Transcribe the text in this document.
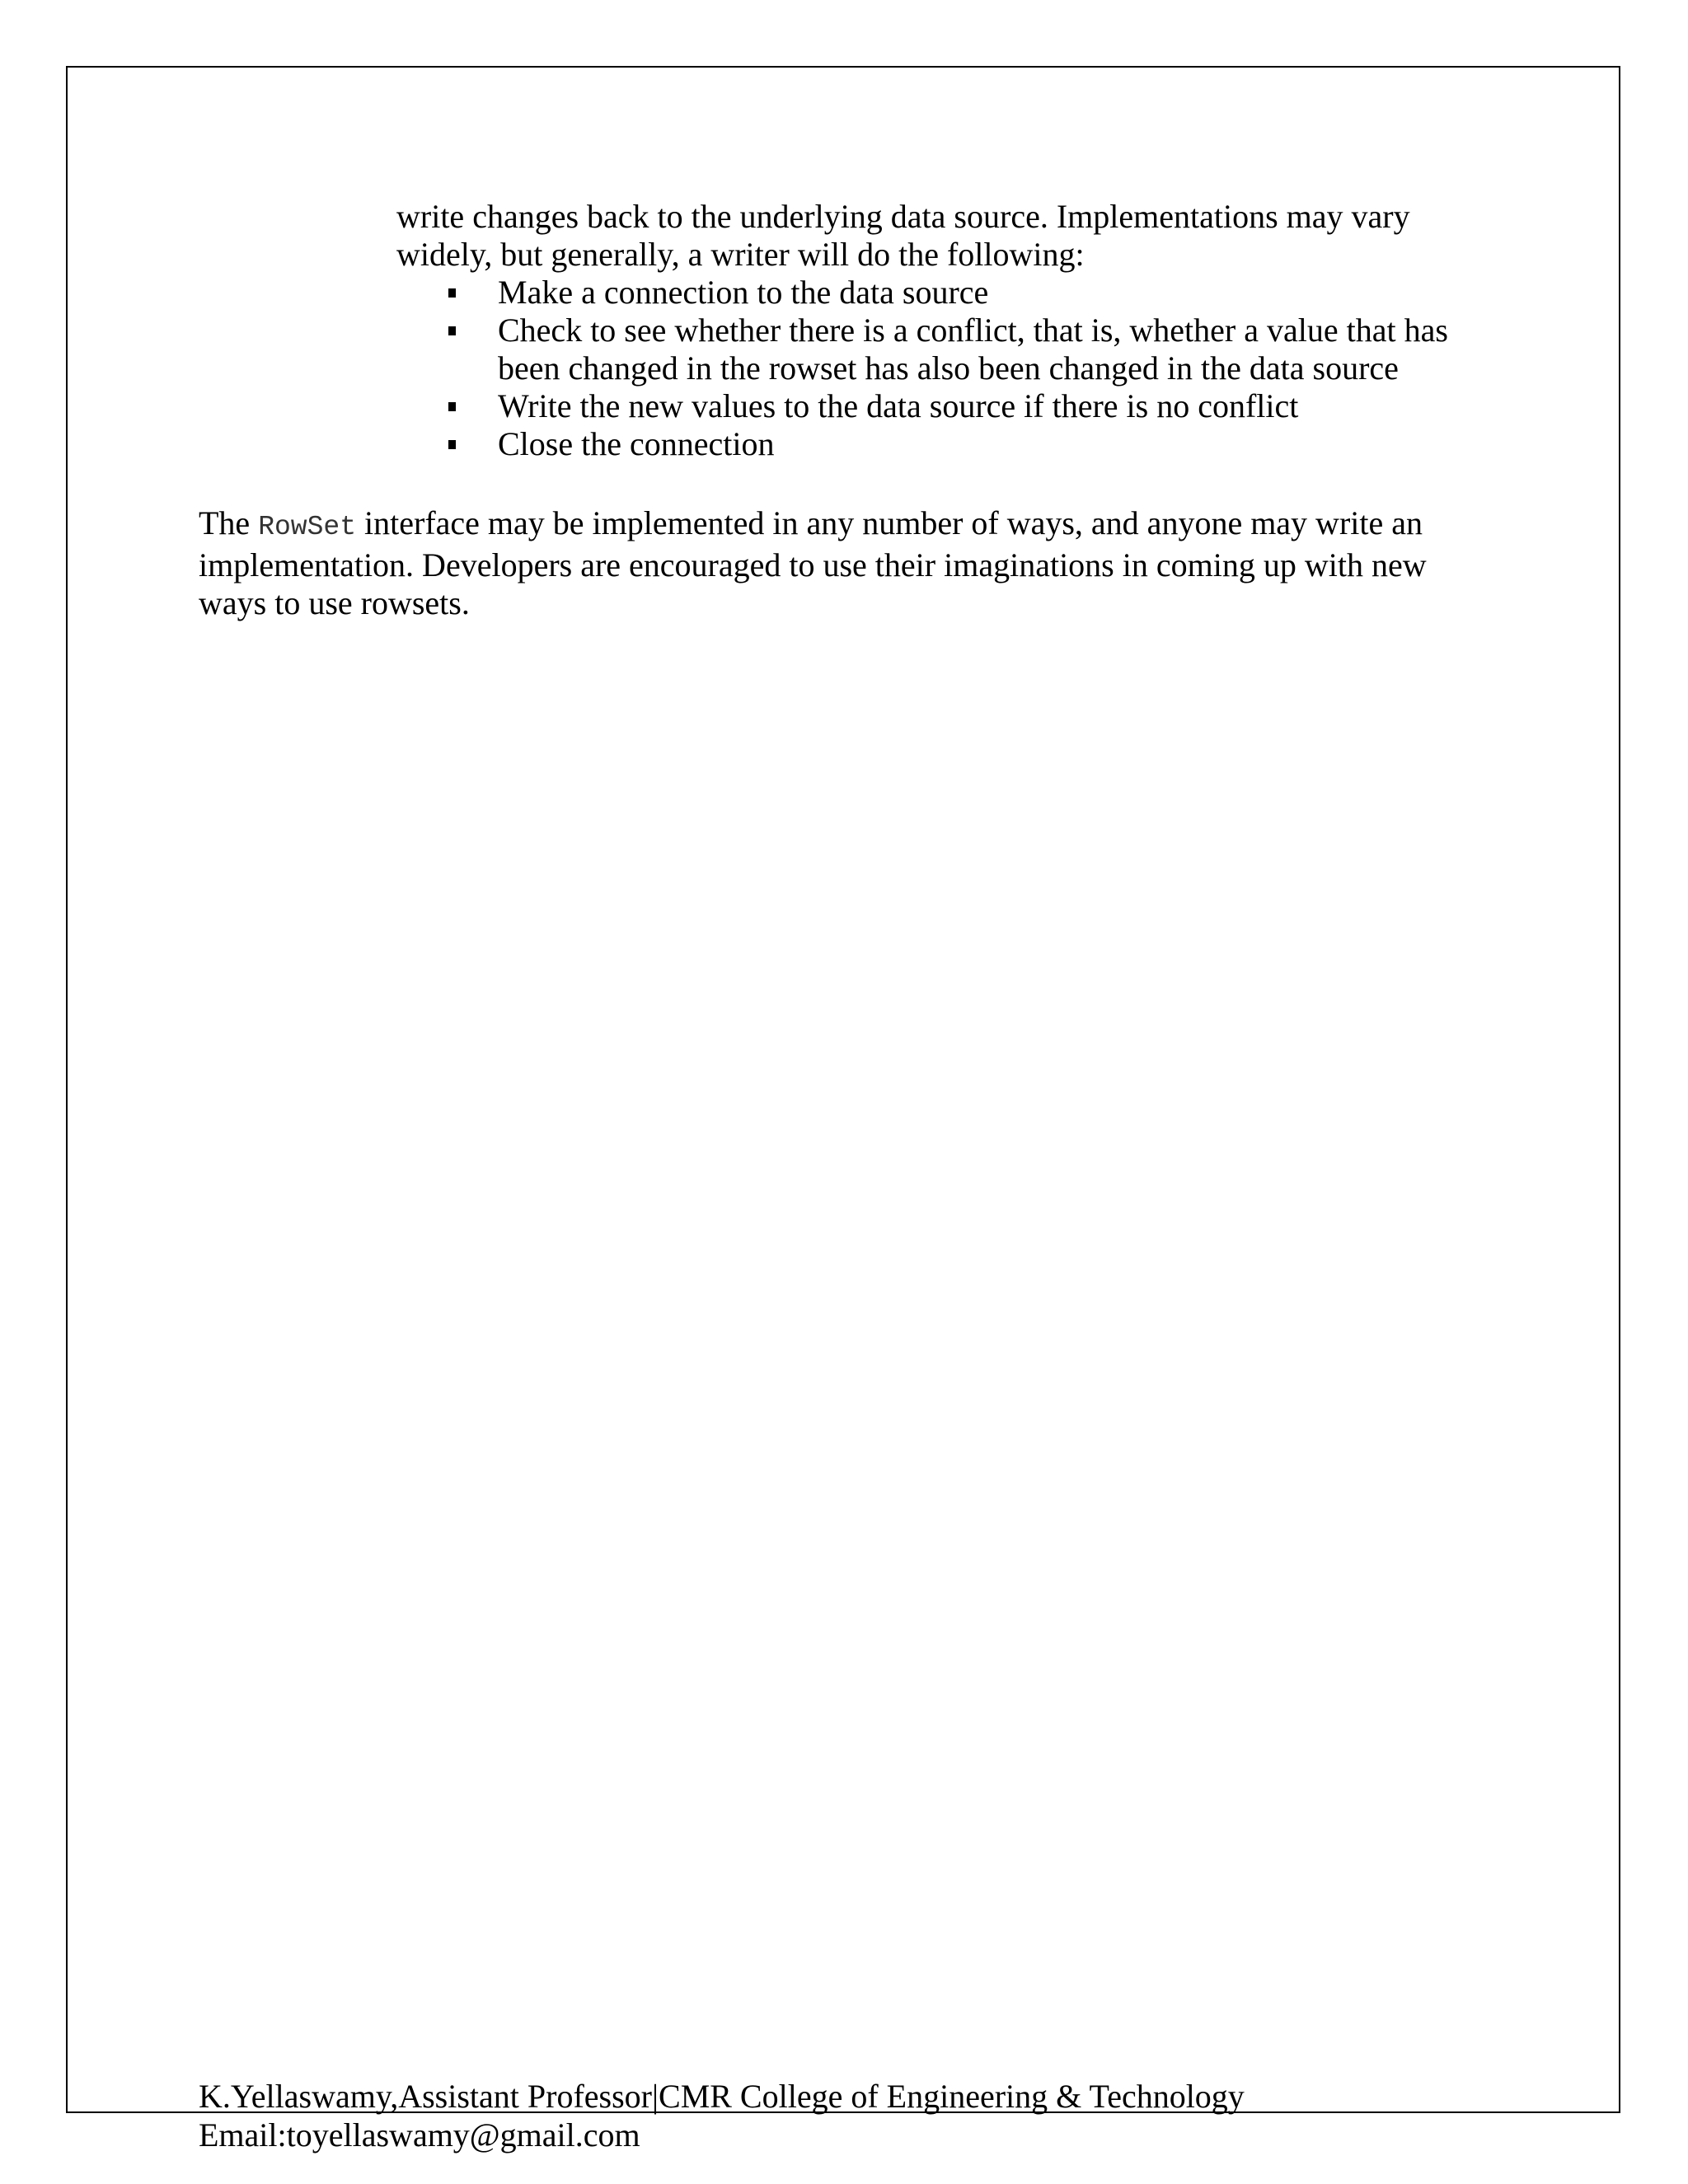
write changes back to the underlying data source. Implementations may vary
widely, but generally, a writer will do the following:
Make a connection to the data source
Check to see whether there is a conflict, that is, whether a value that has
been changed in the rowset has also been changed in the data source
Write the new values to the data source if there is no conflict
Close the connection
The RowSet interface may be implemented in any number of ways, and anyone may write an
implementation. Developers are encouraged to use their imaginations in coming up with new
ways to use rowsets.
K.Yellaswamy,Assistant Professor|CMR College of Engineering & Technology
Email:toyellaswamy@gmail.com
